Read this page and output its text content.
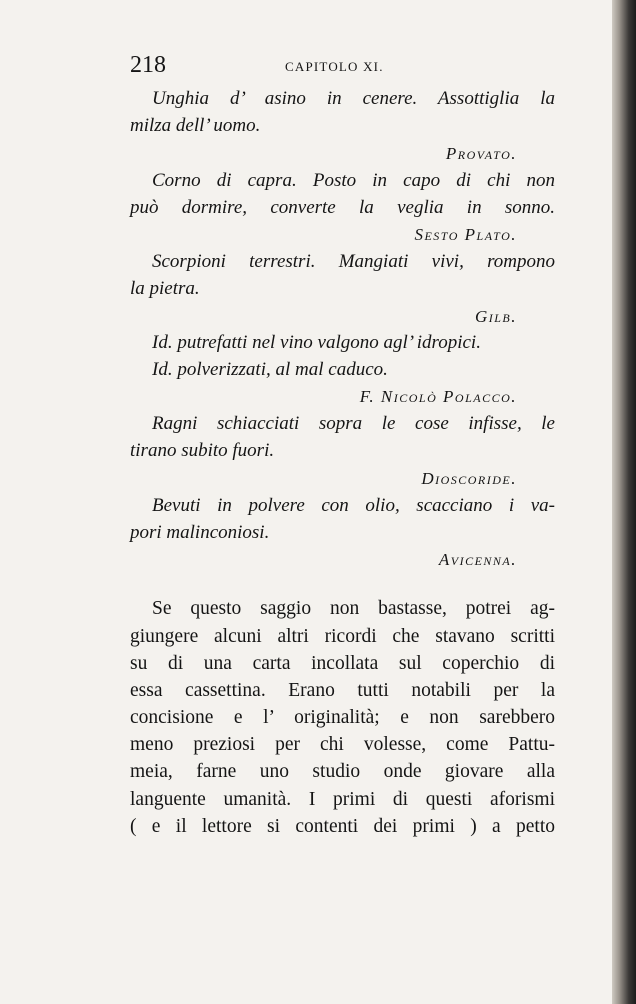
218	CAPITOLO XI.
Unghia d’ asino in cenere. Assottiglia la
milza dell’ uomo.
Provato.
Corno di capra. Posto in capo di chi non
può dormire, converte la veglia in sonno.
Sesto Plato.
Scorpioni terrestri. Mangiati vivi, rompono
la pietra.
Gilb.
Id. putrefatti nel vino valgono agl’ idropici.
Id. polverizzati, al mal caduco.
F. Nicolò Polacco.
Ragni schiacciati sopra le cose infisse, le
tirano subito fuori.
Dioscoride.
Bevuti in polvere con olio, scacciano i va-
pori malinconiosi.
Avicenna.
Se questo saggio non bastasse, potrei ag-
giungere alcuni altri ricordi che stavano scritti
su di una carta incollata sul coperchio di
essa cassettina. Erano tutti notabili per la
concisione e l’ originalità; e non sarebbero
meno preziosi per chi volesse, come Pattu-
meia, farne uno studio onde giovare alla
languente umanità. I primi di questi aforismi
( e il lettore si contenti dei primi ) a petto
